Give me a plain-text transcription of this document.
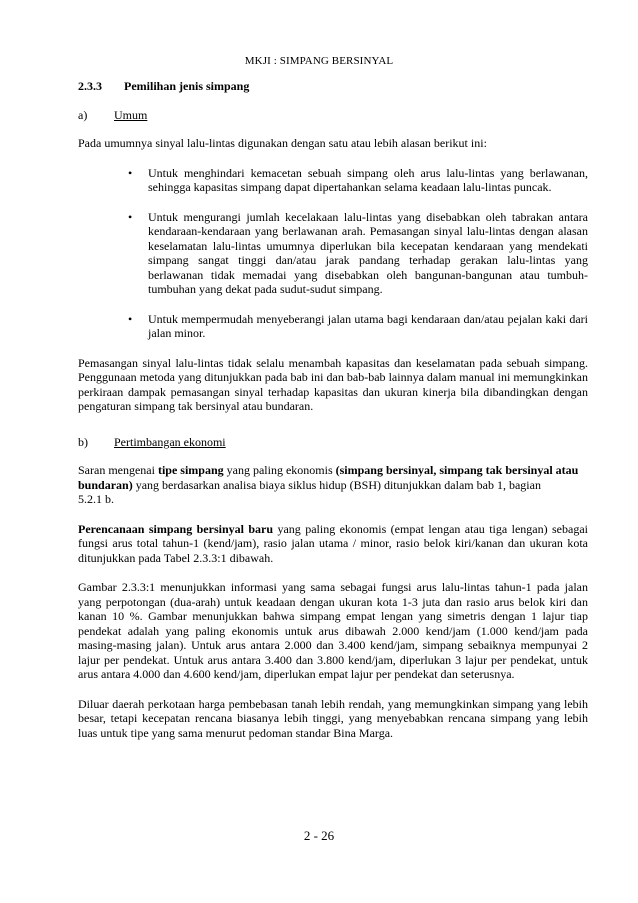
MKJI : SIMPANG BERSINYAL
2.3.3 Pemilihan jenis simpang
a) Umum

Pada umumnya sinyal lalu-lintas digunakan dengan satu atau lebih alasan berikut ini:

• Untuk menghindari kemacetan sebuah simpang oleh arus lalu-lintas yang berlawanan, sehingga kapasitas simpang dapat dipertahankan selama keadaan lalu-lintas puncak.
• Untuk mengurangi jumlah kecelakaan lalu-lintas yang disebabkan oleh tabrakan antara kendaraan-kendaraan yang berlawanan arah. Pemasangan sinyal lalu-lintas dengan alasan keselamatan lalu-lintas umumnya diperlukan bila kecepatan kendaraan yang mendekati simpang sangat tinggi dan/atau jarak pandang terhadap gerakan lalu-lintas yang berlawanan tidak memadai yang disebabkan oleh bangunan-bangunan atau tumbuh-tumbuhan yang dekat pada sudut-sudut simpang.
• Untuk mempermudah menyeberangi jalan utama bagi kendaraan dan/atau pejalan kaki dari jalan minor.

Pemasangan sinyal lalu-lintas tidak selalu menambah kapasitas dan keselamatan pada sebuah simpang. Penggunaan metoda yang ditunjukkan pada bab ini dan bab-bab lainnya dalam manual ini memungkinkan perkiraan dampak pemasangan sinyal terhadap kapasitas dan ukuran kinerja bila dibandingkan dengan pengaturan simpang tak bersinyal atau bundaran.

b) Pertimbangan ekonomi

Saran mengenai tipe simpang yang paling ekonomis (simpang bersinyal, simpang tak bersinyal atau bundaran) yang berdasarkan analisa biaya siklus hidup (BSH) ditunjukkan dalam bab 1, bagian
5.2.1 b.

Perencanaan simpang bersinyal baru yang paling ekonomis (empat lengan atau tiga lengan) sebagai fungsi arus total tahun-1 (kend/jam), rasio jalan utama / minor, rasio belok kiri/kanan dan ukuran kota ditunjukkan pada Tabel 2.3.3:1 dibawah.

Gambar 2.3.3:1 menunjukkan informasi yang sama sebagai fungsi arus lalu-lintas tahun-1 pada jalan yang perpotongan (dua-arah) untuk keadaan dengan ukuran kota 1-3 juta dan rasio arus belok kiri dan kanan 10 %. Gambar menunjukkan bahwa simpang empat lengan yang simetris dengan 1 lajur tiap pendekat adalah yang paling ekonomis untuk arus dibawah 2.000 kend/jam (1.000 kend/jam pada masing-masing jalan). Untuk arus antara 2.000 dan 3.400 kend/jam, simpang sebaiknya mempunyai 2 lajur per pendekat. Untuk arus antara 3.400 dan 3.800 kend/jam, diperlukan 3 lajur per pendekat, untuk arus antara 4.000 dan 4.600 kend/jam, diperlukan empat lajur per pendekat dan seterusnya.

Diluar daerah perkotaan harga pembebasan tanah lebih rendah, yang memungkinkan simpang yang lebih besar, tetapi kecepatan rencana biasanya lebih tinggi, yang menyebabkan rencana simpang yang lebih luas untuk tipe yang sama menurut pedoman standar Bina Marga.

2 - 26
